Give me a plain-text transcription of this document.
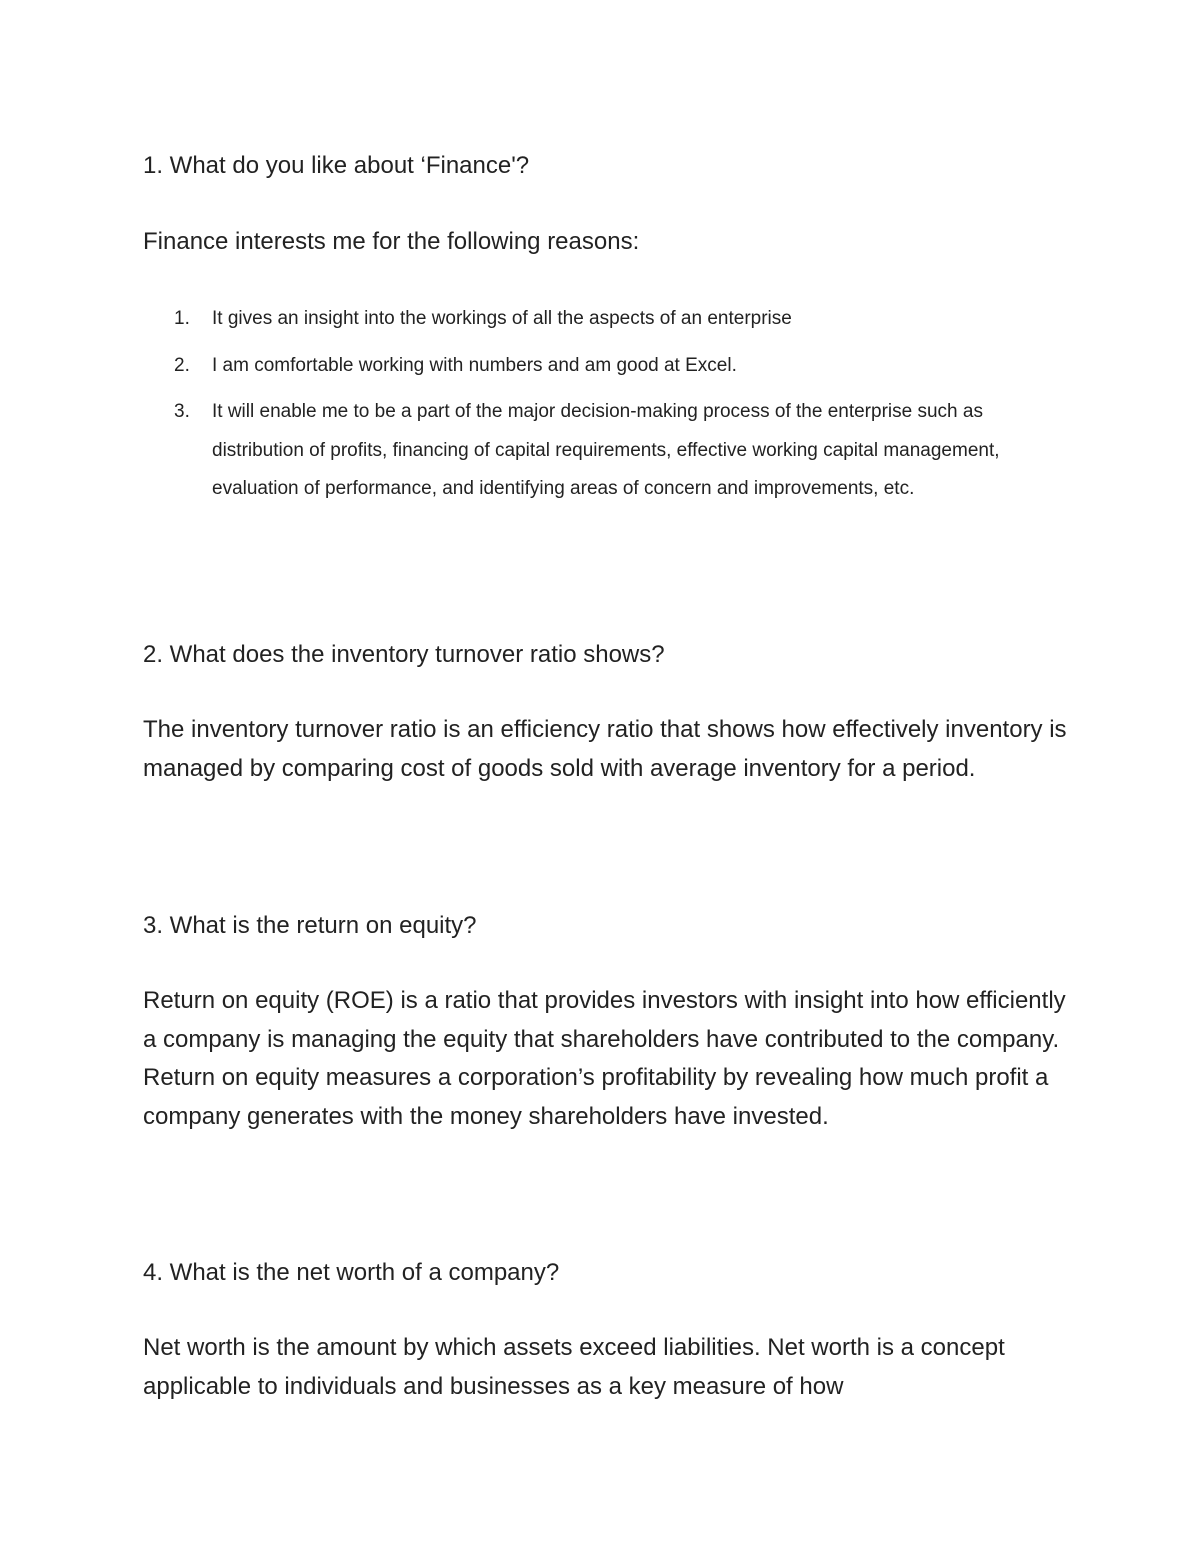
1. What do you like about ‘Finance'?

Finance interests me for the following reasons:

1. It gives an insight into the workings of all the aspects of an enterprise
2. I am comfortable working with numbers and am good at Excel.
3. It will enable me to be a part of the major decision-making process of the enterprise such as distribution of profits, financing of capital requirements, effective working capital management, evaluation of performance, and identifying areas of concern and improvements, etc.
2. What does the inventory turnover ratio shows?

The inventory turnover ratio is an efficiency ratio that shows how effectively inventory is managed by comparing cost of goods sold with average inventory for a period.

3. What is the return on equity?

Return on equity (ROE) is a ratio that provides investors with insight into how efficiently a company is managing the equity that shareholders have contributed to the company. Return on equity measures a corporation’s profitability by revealing how much profit a company generates with the money shareholders have invested.

4. What is the net worth of a company?

Net worth is the amount by which assets exceed liabilities. Net worth is a concept applicable to individuals and businesses as a key measure of how
